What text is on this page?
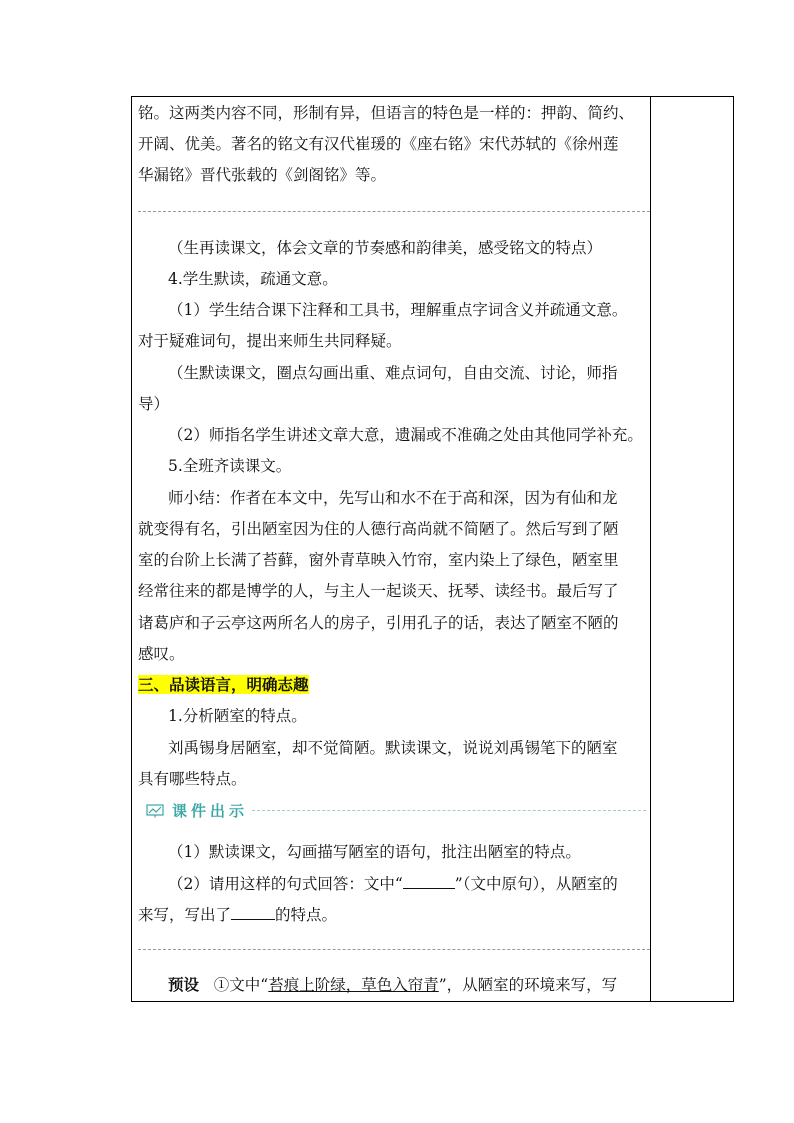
铭。这两类内容不同，形制有异，但语言的特色是一样的：押韵、简约、
开阔、优美。著名的铭文有汉代崔瑗的《座右铭》宋代苏轼的《徐州莲
华漏铭》晋代张载的《剑阁铭》等。
（生再读课文，体会文章的节奏感和韵律美，感受铭文的特点）
4.学生默读，疏通文意。
（1）学生结合课下注释和工具书，理解重点字词含义并疏通文意。
对于疑难词句，提出来师生共同释疑。
（生默读课文，圈点勾画出重、难点词句，自由交流、讨论，师指
导）
（2）师指名学生讲述文章大意，遗漏或不准确之处由其他同学补充。
5.全班齐读课文。
师小结：作者在本文中，先写山和水不在于高和深，因为有仙和龙
就变得有名，引出陋室因为住的人德行高尚就不简陋了。然后写到了陋
室的台阶上长满了苔藓，窗外青草映入竹帘，室内染上了绿色，陋室里
经常往来的都是博学的人，与主人一起谈天、抚琴、读经书。最后写了
诸葛庐和子云亭这两所名人的房子，引用孔子的话，表达了陋室不陋的
感叹。
三、品读语言，明确志趣
1.分析陋室的特点。
刘禹锡身居陋室，却不觉简陋。默读课文，说说刘禹锡笔下的陋室
具有哪些特点。
课件出示
（1）默读课文，勾画描写陋室的语句，批注出陋室的特点。
（2）请用这样的句式回答：文中“	”（文中原句），从陋室的
来写，写出了	的特点。
预设 ①文中“苔痕上阶绿，草色入帘青”，从陋室的环境来写，写
